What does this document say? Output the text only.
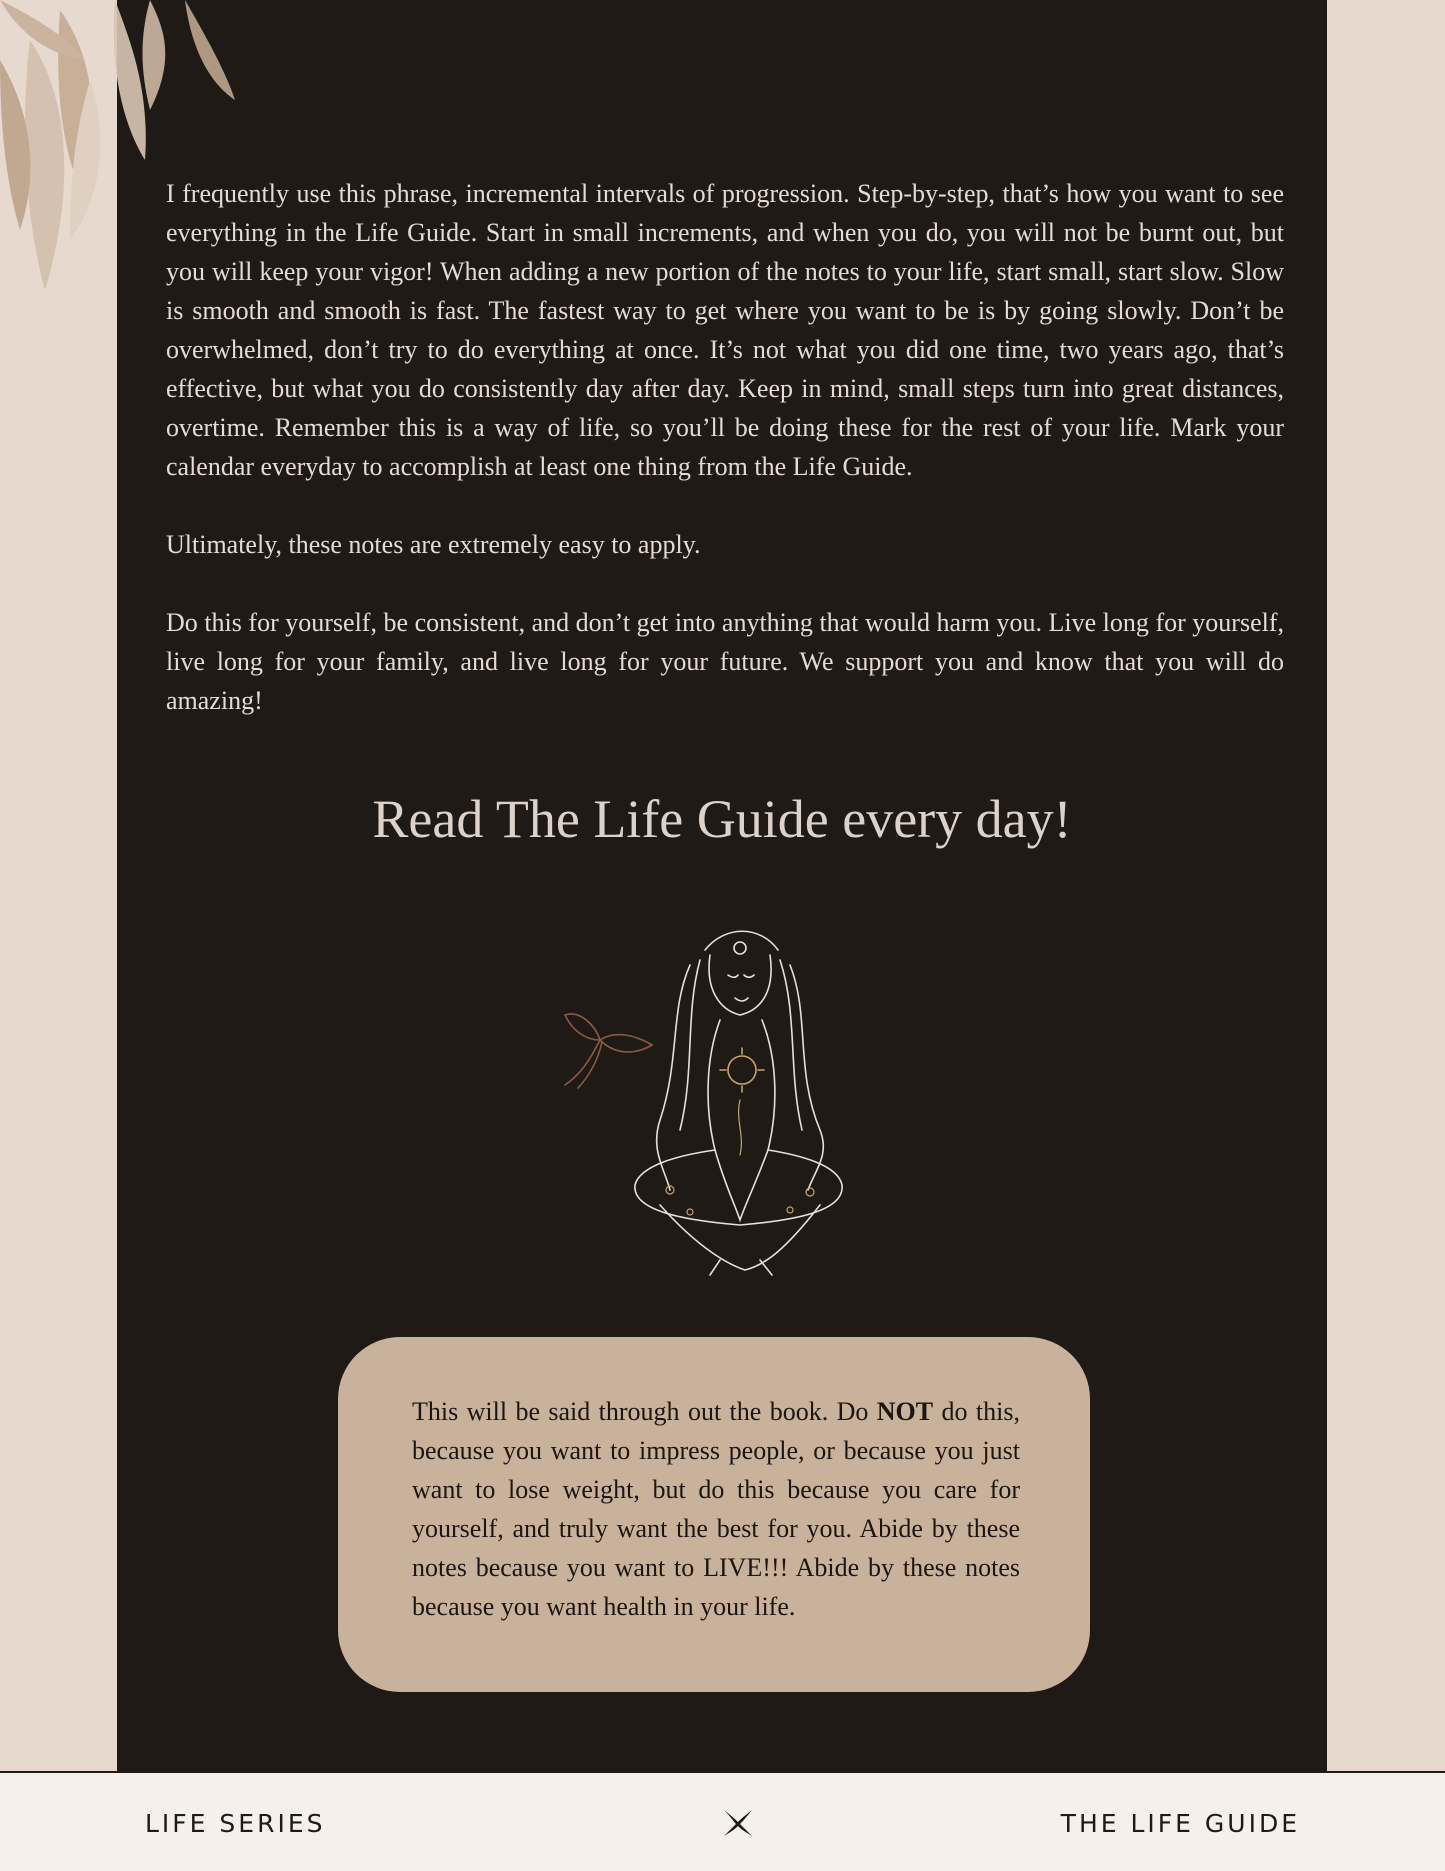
I frequently use this phrase, incremental intervals of progression. Step-by-step, that’s how you want to see everything in the Life Guide. Start in small increments, and when you do, you will not be burnt out, but you will keep your vigor! When adding a new portion of the notes to your life, start small, start slow. Slow is smooth and smooth is fast. The fastest way to get where you want to be is by going slowly. Don’t be overwhelmed, don’t try to do everything at once. It’s not what you did one time, two years ago, that’s effective, but what you do consistently day after day. Keep in mind, small steps turn into great distances, overtime. Remember this is a way of life, so you’ll be doing these for the rest of your life. Mark your calendar everyday to accomplish at least one thing from the Life Guide.

Ultimately, these notes are extremely easy to apply.

Do this for yourself, be consistent, and don’t get into anything that would harm you. Live long for yourself, live long for your family, and live long for your future. We support you and know that you will do amazing!

Read The Life Guide every day!

This will be said through out the book. Do NOT do this, because you want to impress people, or because you just want to lose weight, but do this because you care for yourself, and truly want the best for you. Abide by these notes because you want to LIVE!!! Abide by these notes because you want health in your life.

LIFE SERIES	THE LIFE GUIDE
